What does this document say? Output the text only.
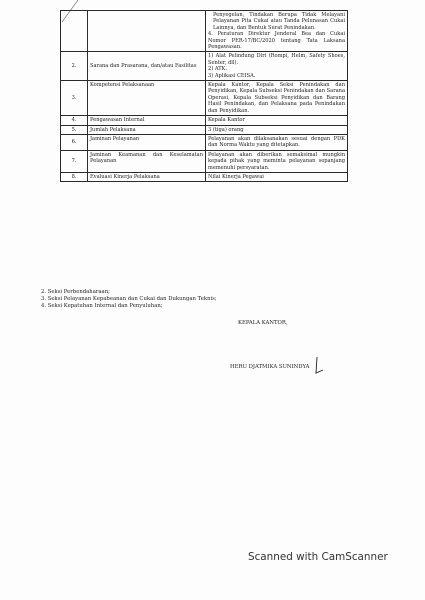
		Penyegelan, Tindakan Berupa Tidak Melayani Pelayanan Pita Cukai atau Tanda Pelunasan Cukai Lainnya, dan Bentuk Surat Penindakan.
4. Peraturan Direktur Jenderal Bea dan Cukai Nomor PER-17/BC/2020 tentang Tata Laksana Pengawasan.

2.	Sarana dan Prasarana, dan/atau Fasilitas	1) Alat Pelindung Diri (Rompi, Helm, Safety Shoes, Senter, dll).
2) ATK.
3) Aplikasi CEISA.

3.	Kompetensi Pelaksanaan	Kepala Kantor, Kepala Seksi Penindakan dan Penyidikan, Kepala Subseksi Penindakan dan Sarana Operasi, Kepala Subseksi Penyidikan dan Barang Hasil Penindakan, dan Pelaksana pada Penindakan dan Penyidikan.

4.	Pengawasan Internal	Kepala Kantor

5.	Jumlah Pelaksana	3 (tiga) orang

6.	Jaminan Pelayanan	Pelayanan akan dilaksanakan sesuai dengan PDK dan Norma Waktu yang ditetapkan.

7.	Jaminan Keamanan dan Keselamatan Pelayanan	Pelayanan akan diberikan semaksimal mungkin kepada pihak yang meminta pelayanan sepanjang memenuhi persyaratan.

8.	Evaluasi Kinerja Pelaksana	Nilai Kinerja Pegawai
2. Seksi Perbendaharaan;
3. Seksi Pelayanan Kepabeanan dan Cukai dan Dukungan Teknis;
4. Seksi Kepatuhan Internal dan Penyuluhan;
KEPALA KANTOR,
HERU DJATMIKA SUNINDYA
Scanned with CamScanner
